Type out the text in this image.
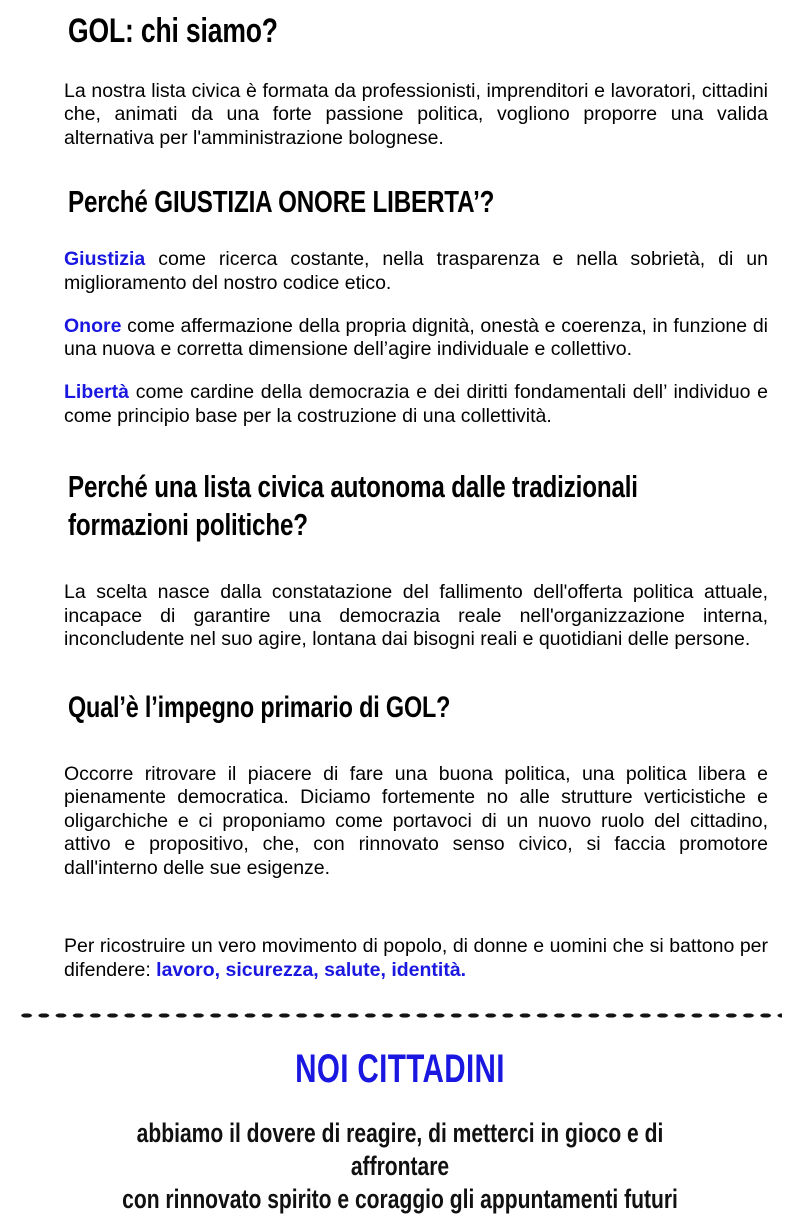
GOL: chi siamo?

La nostra lista civica è formata da professionisti, imprenditori e lavoratori, cittadini che, animati da una forte passione politica, vogliono proporre una valida alternativa per l'amministrazione bolognese.

Perché GIUSTIZIA ONORE LIBERTA’?

Giustizia come ricerca costante, nella trasparenza e nella sobrietà, di un miglioramento del nostro codice etico.

Onore come affermazione della propria dignità, onestà e coerenza, in funzione di una nuova e corretta dimensione dell’agire individuale e collettivo.

Libertà come cardine della democrazia e dei diritti fondamentali dell’ individuo e come principio base per la costruzione di una collettività.

Perché una lista civica autonoma dalle tradizionali formazioni politiche?

La scelta nasce dalla constatazione del fallimento dell'offerta politica attuale, incapace di garantire una democrazia reale nell'organizzazione interna, inconcludente nel suo agire, lontana dai bisogni reali e quotidiani delle persone.

Qual’è l’impegno primario di GOL?

Occorre ritrovare il piacere di fare una buona politica, una politica libera e pienamente democratica. Diciamo fortemente no alle strutture verticistiche e oligarchiche e ci proponiamo come portavoci di un nuovo ruolo del cittadino, attivo e propositivo, che, con rinnovato senso civico, si faccia promotore dall'interno delle sue esigenze.

Per ricostruire un vero movimento di popolo, di donne e uomini che si battono per difendere: lavoro, sicurezza, salute, identità.

NOI CITTADINI
abbiamo il dovere di reagire, di metterci in gioco e di affrontare
con rinnovato spirito e coraggio gli appuntamenti futuri
